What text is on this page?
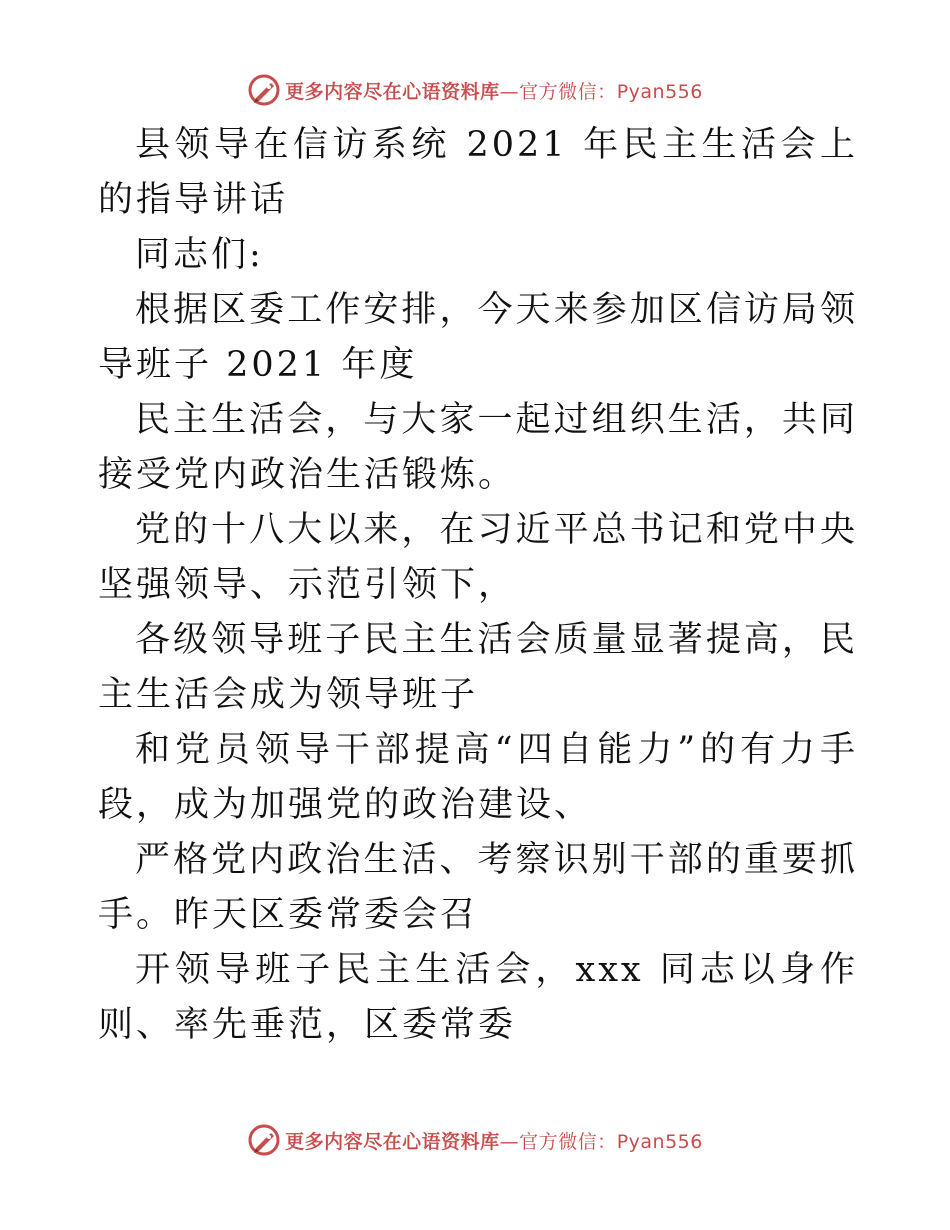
更多内容尽在心语资料库—官方微信：Pyan556

县领导在信访系统 2021 年民主生活会上的指导讲话

同志们:

根据区委工作安排，今天来参加区信访局领导班子 2021 年度

民主生活会，与大家一起过组织生活，共同接受党内政治生活锻炼。

党的十八大以来，在习近平总书记和党中央坚强领导、示范引领下，

各级领导班子民主生活会质量显著提高，民主生活会成为领导班子

和党员领导干部提高“四自能力”的有力手段，成为加强党的政治建设、

严格党内政治生活、考察识别干部的重要抓手。昨天区委常委会召

开领导班子民主生活会，xxx 同志以身作则、率先垂范，区委常委

更多内容尽在心语资料库—官方微信：Pyan556
